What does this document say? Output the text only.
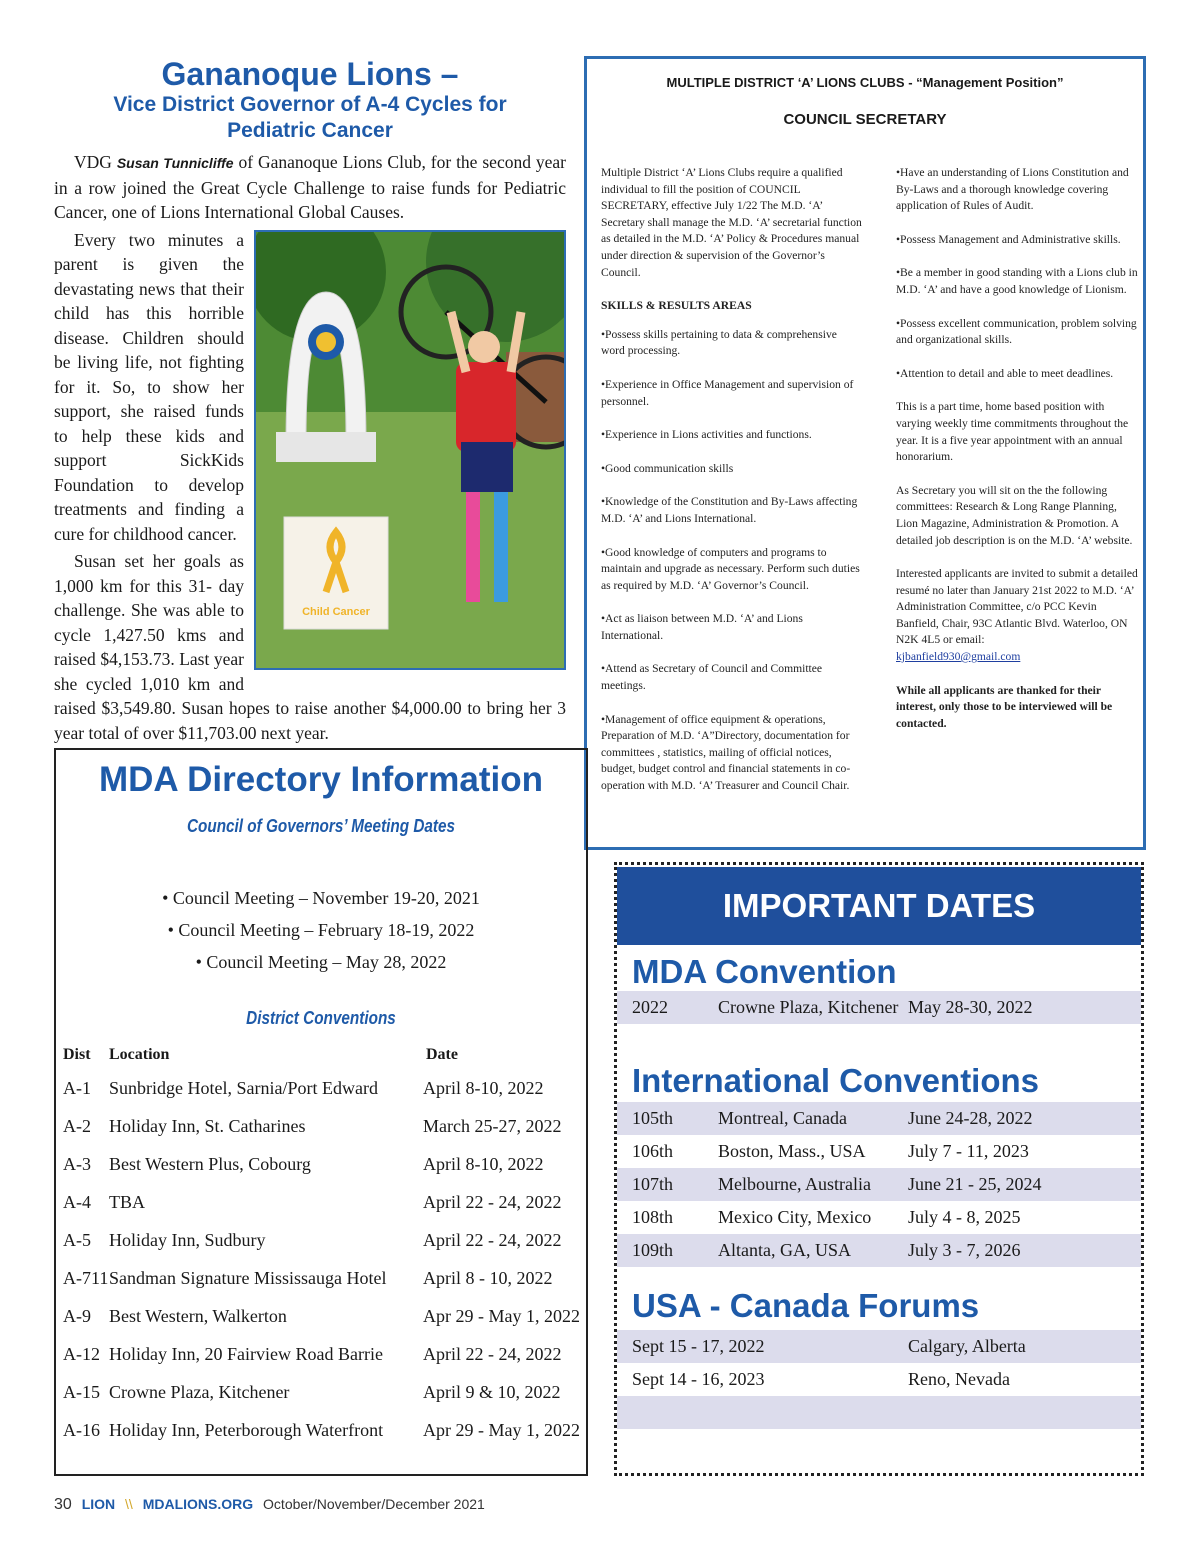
Gananoque Lions –
Vice District Governor of A-4 Cycles for
Pediatric Cancer

VDG Susan Tunnicliffe of Gananoque Lions Club, for the second year in a row joined the Great Cycle Challenge to raise funds for Pediatric Cancer, one of Lions International Global Causes.

Child Cancer

Every two minutes a parent is given the devastating news that their child has this horrible disease. Children should be living life, not fighting for it. So, to show her support, she raised funds to help these kids and support SickKids Foundation to develop treatments and finding a cure for childhood cancer.

Susan set her goals as 1,000 km for this 31- day challenge. She was able to cycle 1,427.50 kms and raised $4,153.73. Last year she cycled 1,010 km and raised $3,549.80. Susan hopes to raise another $4,000.00 to bring her 3 year total of over $11,703.00 next year.

MULTIPLE DISTRICT ‘A’ LIONS CLUBS - “Management Position”
COUNCIL SECRETARY

Multiple District ‘A’ Lions Clubs require a qualified individual to fill the position of COUNCIL SECRETARY, effective July 1/22 The M.D. ‘A’ Secretary shall manage the M.D. ‘A’ secretarial function as detailed in the M.D. ‘A’ Policy & Procedures manual under direction & supervision of the Governor’s Council.

SKILLS & RESULTS AREAS

•Possess skills pertaining to data & comprehensive word processing.

•Experience in Office Management and supervision of personnel.

•Experience in Lions activities and functions.

•Good communication skills

•Knowledge of the Constitution and By-Laws affecting M.D. ‘A’ and Lions International.

•Good knowledge of computers and programs to maintain and upgrade as necessary. Perform such duties as required by M.D. ‘A’ Governor’s Council.

•Act as liaison between M.D. ‘A’ and Lions International.

•Attend as Secretary of Council and Committee meetings.

•Management of office equipment & operations, Preparation of M.D. ‘A”Directory, documentation for committees , statistics, mailing of official notices, budget, budget control and financial statements in co-operation with M.D. ‘A’ Treasurer and Council Chair.

•Have an understanding of Lions Constitution and By-Laws and a thorough knowledge covering application of Rules of Audit.

•Possess Management and Administrative skills.

•Be a member in good standing with a Lions club in M.D. ‘A’ and have a good knowledge of Lionism.

•Possess excellent communication, problem solving and organizational skills.

•Attention to detail and able to meet deadlines.

This is a part time, home based position with varying weekly time commitments throughout the year. It is a five year appointment with an annual honorarium.

As Secretary you will sit on the the following committees: Research & Long Range Planning, Lion Magazine, Administration & Promotion. A detailed job description is on the M.D. ‘A’ website.

Interested applicants are invited to submit a detailed resumé no later than January 21st 2022 to M.D. ‘A’ Administration Committee, c/o PCC Kevin Banfield, Chair, 93C Atlantic Blvd. Waterloo, ON N2K 4L5 or email:

kjbanfield930@gmail.com

While all applicants are thanked for their interest, only those to be interviewed will be contacted.

MDA Directory Information
Council of Governors’ Meeting Dates
• Council Meeting – November 19-20, 2021
• Council Meeting – February 18-19, 2022
• Council Meeting – May 28, 2022
District Conventions
Dist Location	Date
A-1 Sunbridge Hotel, Sarnia/Port Edward	April 8-10, 2022
A-2 Holiday Inn, St. Catharines	March 25-27, 2022
A-3 Best Western Plus, Cobourg	April 8-10, 2022
A-4 TBA	April 22 - 24, 2022
A-5 Holiday Inn, Sudbury	April 22 - 24, 2022
A-711 Sandman Signature Mississauga Hotel April 8 - 10, 2022
A-9 Best Western, Walkerton	Apr 29 - May 1, 2022
A-12 Holiday Inn, 20 Fairview Road Barrie April 22 - 24, 2022
A-15 Crowne Plaza, Kitchener	April 9 & 10, 2022
A-16 Holiday Inn, Peterborough Waterfront Apr 29 - May 1, 2022
IMPORTANT DATES
MDA Convention
2022	Crowne Plaza, Kitchener May 28-30, 2022
International Conventions
105th Montreal, Canada	June 24-28, 2022
106th Boston, Mass., USA July 7 - 11, 2023
107th Melbourne, Australia June 21 - 25, 2024
108th Mexico City, Mexico July 4 - 8, 2025
109th Altanta, GA, USA	July 3 - 7, 2026
USA - Canada Forums
Sept 15 - 17, 2022	Calgary, Alberta
Sept 14 - 16, 2023	Reno, Nevada
30 LION \\ MDALIONS.ORG October/November/December 2021
